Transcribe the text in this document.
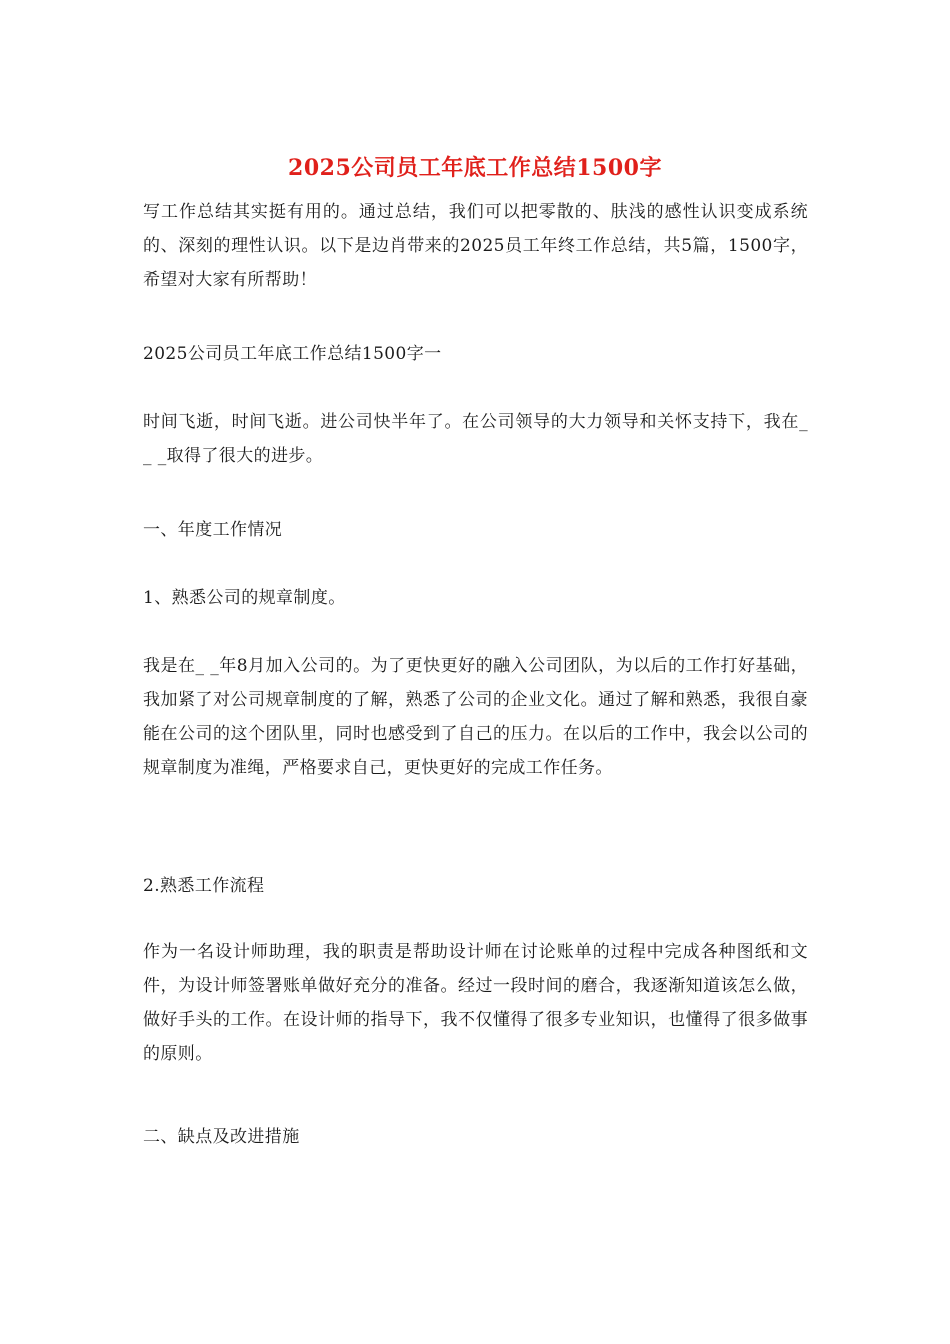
2025公司员工年底工作总结1500字

写工作总结其实挺有用的。通过总结，我们可以把零散的、肤浅的感性认识变成系统的、深刻的理性认识。以下是边肖带来的2025员工年终工作总结，共5篇，1500字，希望对大家有所帮助！

2025公司员工年底工作总结1500字一

时间飞逝，时间飞逝。进公司快半年了。在公司领导的大力领导和关怀支持下，我在_ _ _取得了很大的进步。

一、年度工作情况

1、熟悉公司的规章制度。

我是在_ _年8月加入公司的。为了更快更好的融入公司团队，为以后的工作打好基础，我加紧了对公司规章制度的了解，熟悉了公司的企业文化。通过了解和熟悉，我很自豪能在公司的这个团队里，同时也感受到了自己的压力。在以后的工作中，我会以公司的规章制度为准绳，严格要求自己，更快更好的完成工作任务。

2.熟悉工作流程

作为一名设计师助理，我的职责是帮助设计师在讨论账单的过程中完成各种图纸和文件，为设计师签署账单做好充分的准备。经过一段时间的磨合，我逐渐知道该怎么做，做好手头的工作。在设计师的指导下，我不仅懂得了很多专业知识，也懂得了很多做事的原则。

二、缺点及改进措施
